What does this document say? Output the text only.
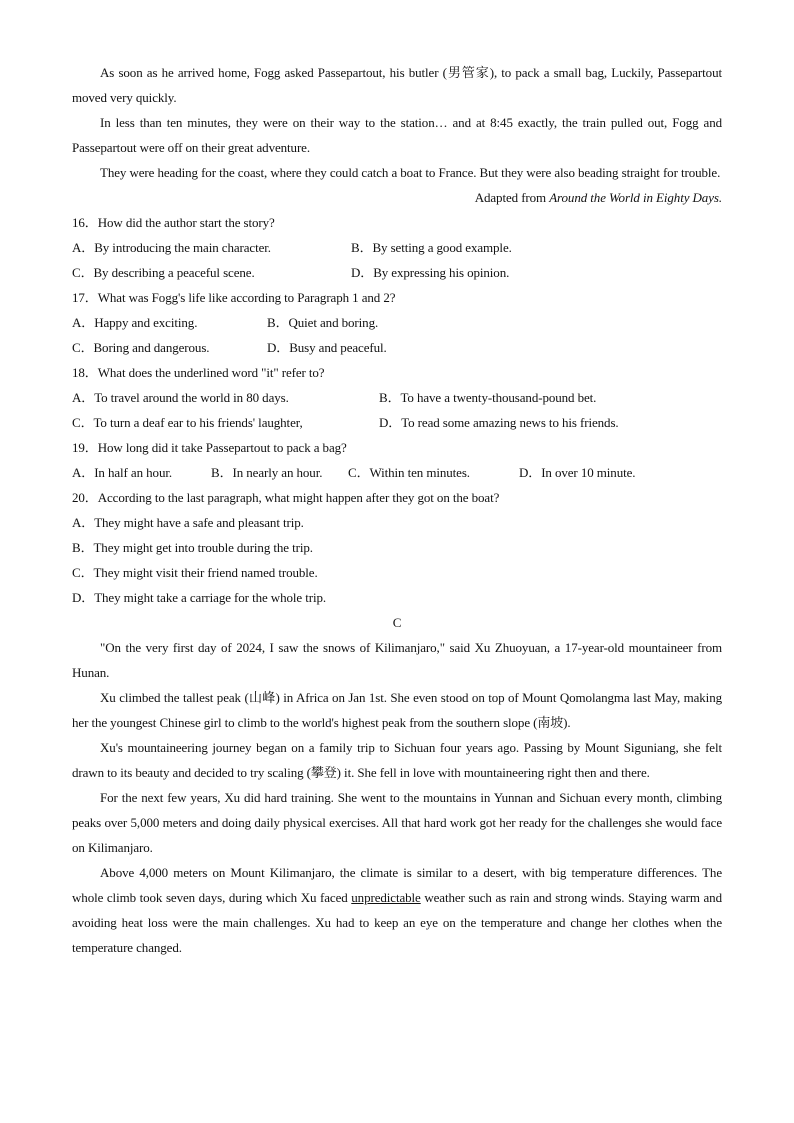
As soon as he arrived home, Fogg asked Passepartout, his butler (男管家), to pack a small bag, Luckily, Passepartout moved very quickly.

In less than ten minutes, they were on their way to the station… and at 8:45 exactly, the train pulled out, Fogg and Passepartout were off on their great adventure.

They were heading for the coast, where they could catch a boat to France. But they were also beading straight for trouble.

Adapted from Around the World in Eighty Days.

16．How did the author start the story?

A．By introducing the main character.	B．By setting a good example.
C．By describing a peaceful scene.	D．By expressing his opinion.

17．What was Fogg's life like according to Paragraph 1 and 2?

A．Happy and exciting.	B．Quiet and boring.
C．Boring and dangerous.	D．Busy and peaceful.

18．What does the underlined word "it" refer to?

A．To travel around the world in 80 days.	B．To have a twenty-thousand-pound bet.
C．To turn a deaf ear to his friends' laughter,	D．To read some amazing news to his friends.

19．How long did it take Passepartout to pack a bag?

A．In half an hour.	B．In nearly an hour.	C．Within ten minutes.	D．In over 10 minute.

20．According to the last paragraph, what might happen after they got on the boat?

A．They might have a safe and pleasant trip.

B．They might get into trouble during the trip.

C．They might visit their friend named trouble.

D．They might take a carriage for the whole trip.

C

"On the very first day of 2024, I saw the snows of Kilimanjaro," said Xu Zhuoyuan, a 17-year-old mountaineer from Hunan.

Xu climbed the tallest peak (山峰) in Africa on Jan 1st. She even stood on top of Mount Qomolangma last May, making her the youngest Chinese girl to climb to the world's highest peak from the southern slope (南坡).

Xu's mountaineering journey began on a family trip to Sichuan four years ago. Passing by Mount Siguniang, she felt drawn to its beauty and decided to try scaling (攀登) it. She fell in love with mountaineering right then and there.

For the next few years, Xu did hard training. She went to the mountains in Yunnan and Sichuan every month, climbing peaks over 5,000 meters and doing daily physical exercises. All that hard work got her ready for the challenges she would face on Kilimanjaro.

Above 4,000 meters on Mount Kilimanjaro, the climate is similar to a desert, with big temperature differences. The whole climb took seven days, during which Xu faced unpredictable weather such as rain and strong winds. Staying warm and avoiding heat loss were the main challenges. Xu had to keep an eye on the temperature and change her clothes when the temperature changed.
